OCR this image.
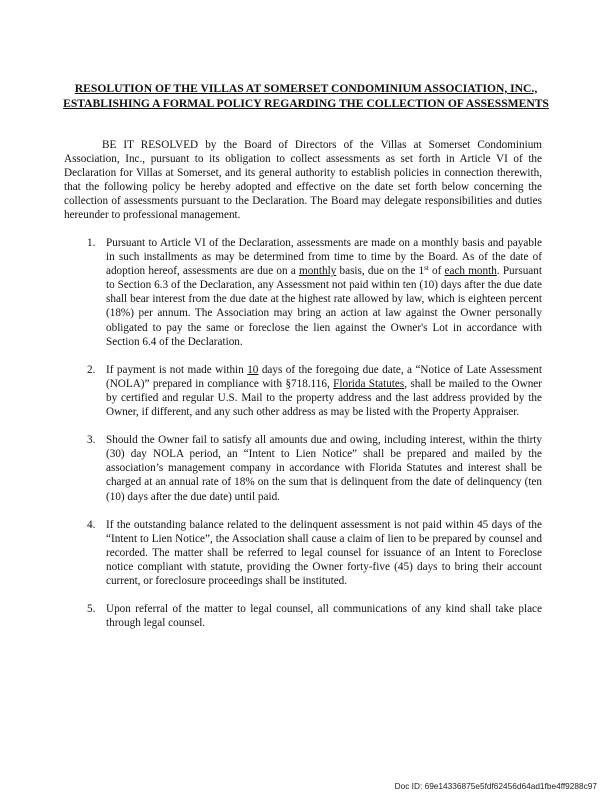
RESOLUTION OF THE VILLAS AT SOMERSET CONDOMINIUM ASSOCIATION, INC., ESTABLISHING A FORMAL POLICY REGARDING THE COLLECTION OF ASSESSMENTS

BE IT RESOLVED by the Board of Directors of the Villas at Somerset Condominium Association, Inc., pursuant to its obligation to collect assessments as set forth in Article VI of the Declaration for Villas at Somerset, and its general authority to establish policies in connection therewith, that the following policy be hereby adopted and effective on the date set forth below concerning the collection of assessments pursuant to the Declaration. The Board may delegate responsibilities and duties hereunder to professional management.

1. Pursuant to Article VI of the Declaration, assessments are made on a monthly basis and payable in such installments as may be determined from time to time by the Board. As of the date of adoption hereof, assessments are due on a monthly basis, due on the 1st of each month. Pursuant to Section 6.3 of the Declaration, any Assessment not paid within ten (10) days after the due date shall bear interest from the due date at the highest rate allowed by law, which is eighteen percent (18%) per annum. The Association may bring an action at law against the Owner personally obligated to pay the same or foreclose the lien against the Owner's Lot in accordance with Section 6.4 of the Declaration.
2. If payment is not made within 10 days of the foregoing due date, a “Notice of Late Assessment (NOLA)” prepared in compliance with §718.116, Florida Statutes, shall be mailed to the Owner by certified and regular U.S. Mail to the property address and the last address provided by the Owner, if different, and any such other address as may be listed with the Property Appraiser.
3. Should the Owner fail to satisfy all amounts due and owing, including interest, within the thirty (30) day NOLA period, an “Intent to Lien Notice” shall be prepared and mailed by the association’s management company in accordance with Florida Statutes and interest shall be charged at an annual rate of 18% on the sum that is delinquent from the date of delinquency (ten (10) days after the due date) until paid.
4. If the outstanding balance related to the delinquent assessment is not paid within 45 days of the “Intent to Lien Notice”, the Association shall cause a claim of lien to be prepared by counsel and recorded. The matter shall be referred to legal counsel for issuance of an Intent to Foreclose notice compliant with statute, providing the Owner forty-five (45) days to bring their account current, or foreclosure proceedings shall be instituted.
5. Upon referral of the matter to legal counsel, all communications of any kind shall take place through legal counsel.
Doc ID: 69e14336875e5fdf62456d64ad1fbe4ff9288c97
